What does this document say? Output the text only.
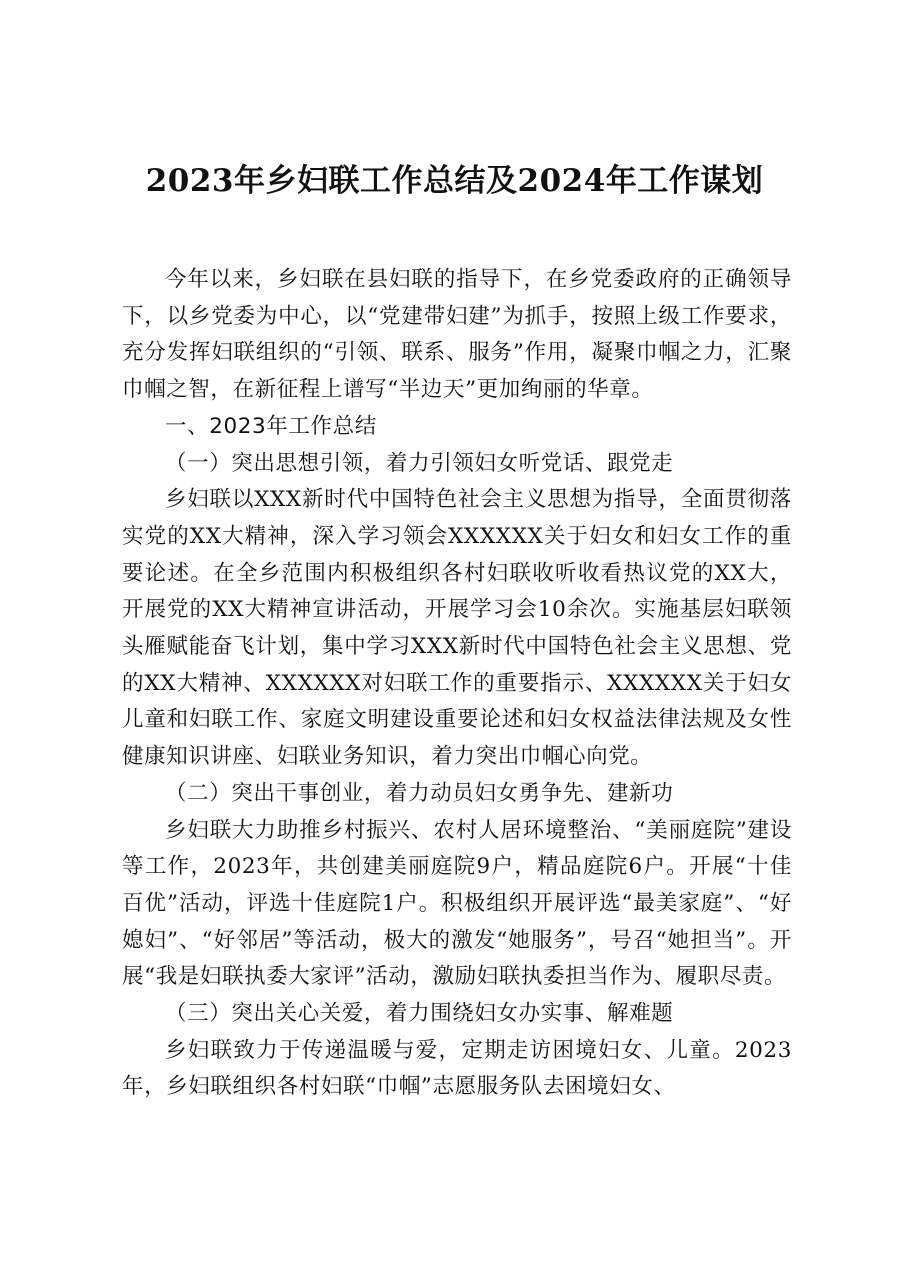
2023年乡妇联工作总结及2024年工作谋划

今年以来，乡妇联在县妇联的指导下，在乡党委政府的正确领导下，以乡党委为中心，以“党建带妇建”为抓手，按照上级工作要求，充分发挥妇联组织的“引领、联系、服务”作用，凝聚巾帼之力，汇聚巾帼之智，在新征程上谱写“半边天”更加绚丽的华章。

一、2023年工作总结

（一）突出思想引领，着力引领妇女听党话、跟党走

乡妇联以XXX新时代中国特色社会主义思想为指导，全面贯彻落实党的XX大精神，深入学习领会XXXXXX关于妇女和妇女工作的重要论述。在全乡范围内积极组织各村妇联收听收看热议党的XX大，开展党的XX大精神宣讲活动，开展学习会10余次。实施基层妇联领头雁赋能奋飞计划，集中学习XXX新时代中国特色社会主义思想、党的XX大精神、XXXXXX对妇联工作的重要指示、XXXXXX关于妇女儿童和妇联工作、家庭文明建设重要论述和妇女权益法律法规及女性健康知识讲座、妇联业务知识，着力突出巾帼心向党。

（二）突出干事创业，着力动员妇女勇争先、建新功

乡妇联大力助推乡村振兴、农村人居环境整治、“美丽庭院”建设等工作，2023年，共创建美丽庭院9户，精品庭院6户。开展“十佳百优”活动，评选十佳庭院1户。积极组织开展评选“最美家庭”、“好媳妇”、“好邻居”等活动，极大的激发“她服务”，号召“她担当”。开展“我是妇联执委大家评”活动，激励妇联执委担当作为、履职尽责。

（三）突出关心关爱，着力围绕妇女办实事、解难题

乡妇联致力于传递温暖与爱，定期走访困境妇女、儿童。2023年，乡妇联组织各村妇联“巾帼”志愿服务队去困境妇女、
